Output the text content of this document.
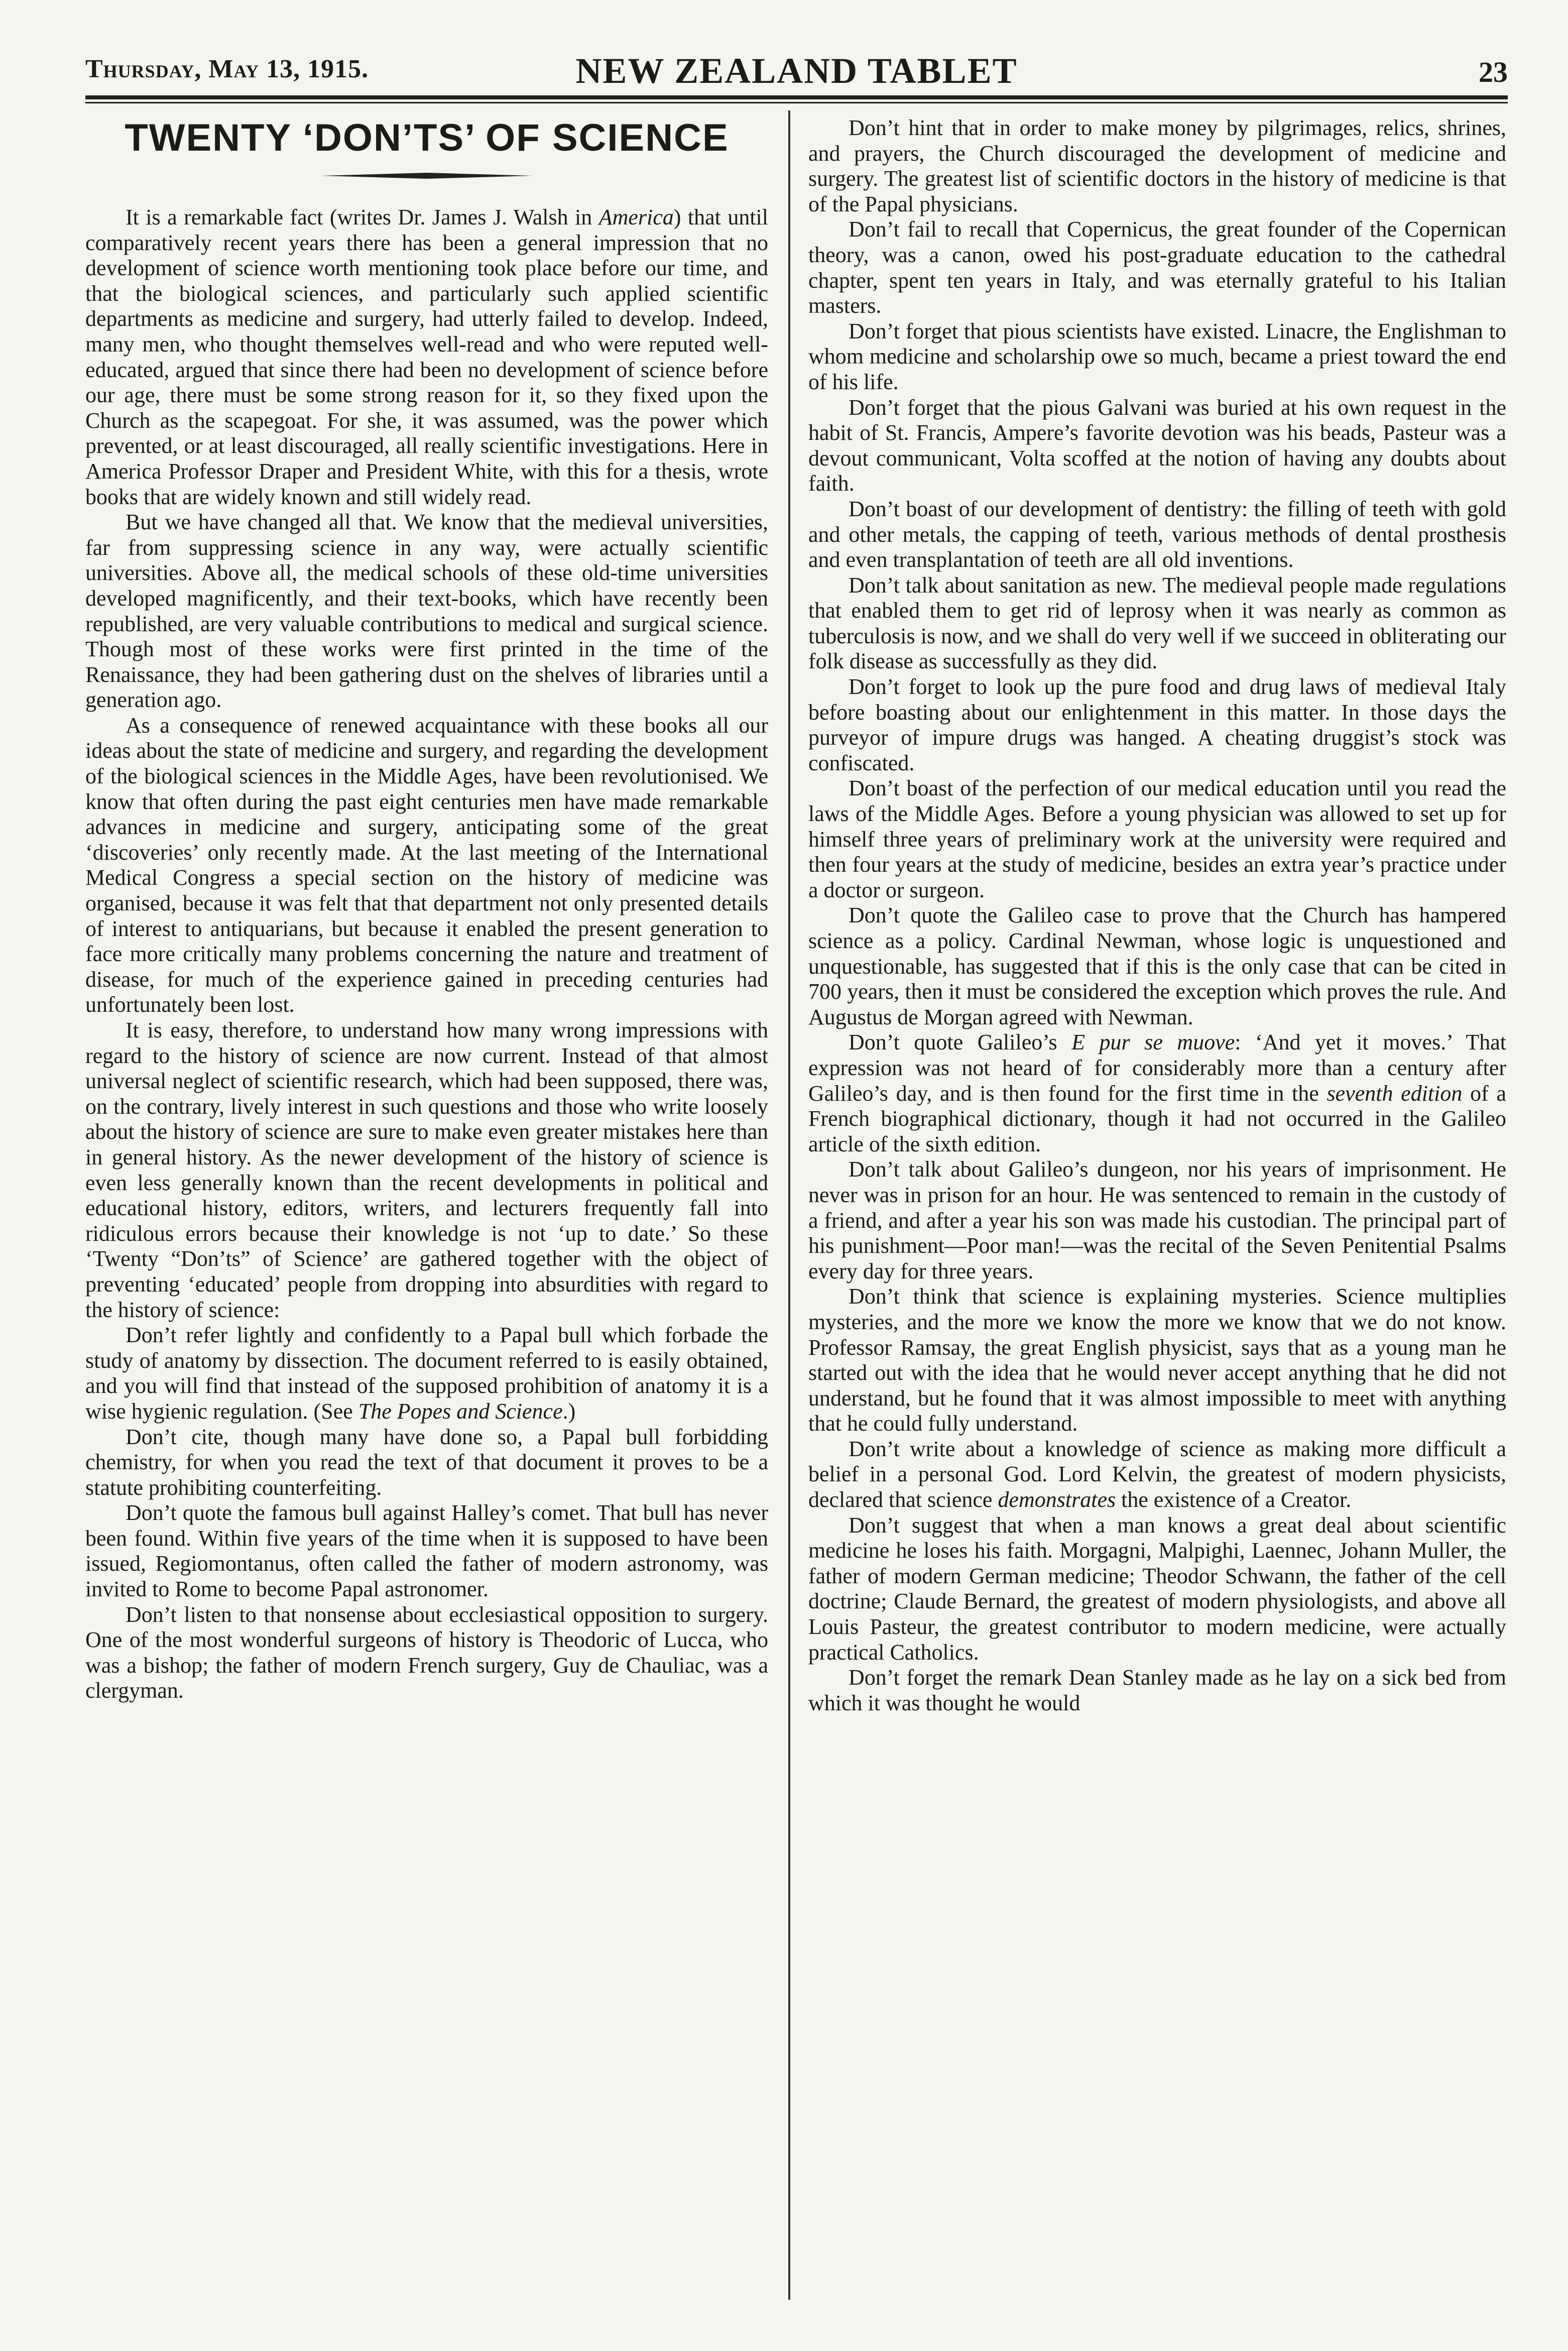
Thursday, May 13, 1915.	NEW ZEALAND TABLET	23
TWENTY ‘DON’TS’ OF SCIENCE

It is a remarkable fact (writes Dr. James J. Walsh in America) that until comparatively recent years there has been a general impression that no development of science worth mentioning took place before our time, and that the biological sciences, and particularly such applied scientific departments as medicine and surgery, had utterly failed to develop. Indeed, many men, who thought themselves well-read and who were reputed well-educated, argued that since there had been no development of science before our age, there must be some strong reason for it, so they fixed upon the Church as the scapegoat. For she, it was assumed, was the power which prevented, or at least discouraged, all really scientific investigations. Here in America Professor Draper and President White, with this for a thesis, wrote books that are widely known and still widely read.

But we have changed all that. We know that the medieval universities, far from suppressing science in any way, were actually scientific universities. Above all, the medical schools of these old-time universities developed magnificently, and their text-books, which have recently been republished, are very valuable contributions to medical and surgical science. Though most of these works were first printed in the time of the Renaissance, they had been gathering dust on the shelves of libraries until a generation ago.

As a consequence of renewed acquaintance with these books all our ideas about the state of medicine and surgery, and regarding the development of the biological sciences in the Middle Ages, have been revolutionised. We know that often during the past eight centuries men have made remarkable advances in medicine and surgery, anticipating some of the great ‘discoveries’ only recently made. At the last meeting of the International Medical Congress a special section on the history of medicine was organised, because it was felt that that department not only presented details of interest to antiquarians, but because it enabled the present generation to face more critically many problems concerning the nature and treatment of disease, for much of the experience gained in preceding centuries had unfortunately been lost.

It is easy, therefore, to understand how many wrong impressions with regard to the history of science are now current. Instead of that almost universal neglect of scientific research, which had been supposed, there was, on the contrary, lively interest in such questions and those who write loosely about the history of science are sure to make even greater mistakes here than in general history. As the newer development of the history of science is even less generally known than the recent developments in political and educational history, editors, writers, and lecturers frequently fall into ridiculous errors because their knowledge is not ‘up to date.’ So these ‘Twenty “Don’ts” of Science’ are gathered together with the object of preventing ‘educated’ people from dropping into absurdities with regard to the history of science:

Don’t refer lightly and confidently to a Papal bull which forbade the study of anatomy by dissection. The document referred to is easily obtained, and you will find that instead of the supposed prohibition of anatomy it is a wise hygienic regulation. (See The Popes and Science.)

Don’t cite, though many have done so, a Papal bull forbidding chemistry, for when you read the text of that document it proves to be a statute prohibiting counterfeiting.

Don’t quote the famous bull against Halley’s comet. That bull has never been found. Within five years of the time when it is supposed to have been issued, Regiomontanus, often called the father of modern astronomy, was invited to Rome to become Papal astronomer.

Don’t listen to that nonsense about ecclesiastical opposition to surgery. One of the most wonderful surgeons of history is Theodoric of Lucca, who was a bishop; the father of modern French surgery, Guy de Chauliac, was a clergyman.

Don’t hint that in order to make money by pilgrimages, relics, shrines, and prayers, the Church discouraged the development of medicine and surgery. The greatest list of scientific doctors in the history of medicine is that of the Papal physicians.

Don’t fail to recall that Copernicus, the great founder of the Copernican theory, was a canon, owed his post-graduate education to the cathedral chapter, spent ten years in Italy, and was eternally grateful to his Italian masters.

Don’t forget that pious scientists have existed. Linacre, the Englishman to whom medicine and scholarship owe so much, became a priest toward the end of his life.

Don’t forget that the pious Galvani was buried at his own request in the habit of St. Francis, Ampere’s favorite devotion was his beads, Pasteur was a devout communicant, Volta scoffed at the notion of having any doubts about faith.

Don’t boast of our development of dentistry: the filling of teeth with gold and other metals, the capping of teeth, various methods of dental prosthesis and even transplantation of teeth are all old inventions.

Don’t talk about sanitation as new. The medieval people made regulations that enabled them to get rid of leprosy when it was nearly as common as tuberculosis is now, and we shall do very well if we succeed in obliterating our folk disease as successfully as they did.

Don’t forget to look up the pure food and drug laws of medieval Italy before boasting about our enlightenment in this matter. In those days the purveyor of impure drugs was hanged. A cheating druggist’s stock was confiscated.

Don’t boast of the perfection of our medical education until you read the laws of the Middle Ages. Before a young physician was allowed to set up for himself three years of preliminary work at the university were required and then four years at the study of medicine, besides an extra year’s practice under a doctor or surgeon.

Don’t quote the Galileo case to prove that the Church has hampered science as a policy. Cardinal Newman, whose logic is unquestioned and unquestionable, has suggested that if this is the only case that can be cited in 700 years, then it must be considered the exception which proves the rule. And Augustus de Morgan agreed with Newman.

Don’t quote Galileo’s E pur se muove: ‘And yet it moves.’ That expression was not heard of for considerably more than a century after Galileo’s day, and is then found for the first time in the seventh edition of a French biographical dictionary, though it had not occurred in the Galileo article of the sixth edition.

Don’t talk about Galileo’s dungeon, nor his years of imprisonment. He never was in prison for an hour. He was sentenced to remain in the custody of a friend, and after a year his son was made his custodian. The principal part of his punishment—Poor man!—was the recital of the Seven Penitential Psalms every day for three years.

Don’t think that science is explaining mysteries. Science multiplies mysteries, and the more we know the more we know that we do not know. Professor Ramsay, the great English physicist, says that as a young man he started out with the idea that he would never accept anything that he did not understand, but he found that it was almost impossible to meet with anything that he could fully understand.

Don’t write about a knowledge of science as making more difficult a belief in a personal God. Lord Kelvin, the greatest of modern physicists, declared that science demonstrates the existence of a Creator.

Don’t suggest that when a man knows a great deal about scientific medicine he loses his faith. Morgagni, Malpighi, Laennec, Johann Muller, the father of modern German medicine; Theodor Schwann, the father of the cell doctrine; Claude Bernard, the greatest of modern physiologists, and above all Louis Pasteur, the greatest contributor to modern medicine, were actually practical Catholics.

Don’t forget the remark Dean Stanley made as he lay on a sick bed from which it was thought he would
